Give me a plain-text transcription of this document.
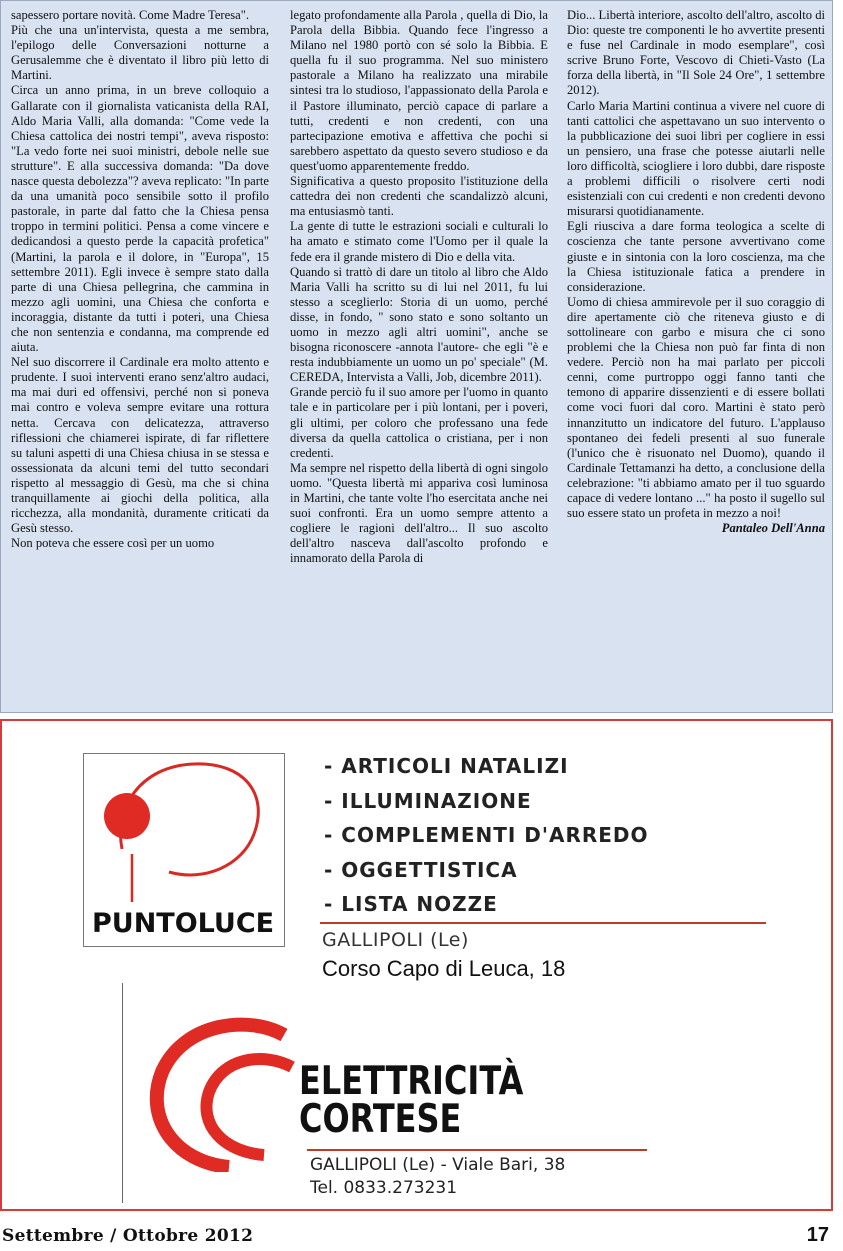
sapessero portare novità. Come Madre Teresa".

Più che una un'intervista, questa a me sembra, l'epilogo delle Conversazioni notturne a Gerusalemme che è diventato il libro più letto di Martini.

Circa un anno prima, in un breve colloquio a Gallarate con il giornalista vaticanista della RAI, Aldo Maria Valli, alla domanda: "Come vede la Chiesa cattolica dei nostri tempi", aveva risposto: "La vedo forte nei suoi ministri, debole nelle sue strutture". E alla successiva domanda: "Da dove nasce questa debolezza"? aveva replicato: "In parte da una umanità poco sensibile sotto il profilo pastorale, in parte dal fatto che la Chiesa pensa troppo in termini politici. Pensa a come vincere e dedicandosi a questo perde la capacità profetica" (Martini, la parola e il dolore, in "Europa", 15 settembre 2011). Egli invece è sempre stato dalla parte di una Chiesa pellegrina, che cammina in mezzo agli uomini, una Chiesa che conforta e incoraggia, distante da tutti i poteri, una Chiesa che non sentenzia e condanna, ma comprende ed aiuta.

Nel suo discorrere il Cardinale era molto attento e prudente. I suoi interventi erano senz'altro audaci, ma mai duri ed offensivi, perché non si poneva mai contro e voleva sempre evitare una rottura netta. Cercava con delicatezza, attraverso riflessioni che chiamerei ispirate, di far riflettere su taluni aspetti di una Chiesa chiusa in se stessa e ossessionata da alcuni temi del tutto secondari rispetto al messaggio di Gesù, ma che si china tranquillamente ai giochi della politica, alla ricchezza, alla mondanità, duramente criticati da Gesù stesso.

Non poteva che essere così per un uomo

legato profondamente alla Parola , quella di Dio, la Parola della Bibbia. Quando fece l'ingresso a Milano nel 1980 portò con sé solo la Bibbia. E quella fu il suo programma. Nel suo ministero pastorale a Milano ha realizzato una mirabile sintesi tra lo studioso, l'appassionato della Parola e il Pastore illuminato, perciò capace di parlare a tutti, credenti e non credenti, con una partecipazione emotiva e affettiva che pochi si sarebbero aspettato da questo severo studioso e da quest'uomo apparentemente freddo.

Significativa a questo proposito l'istituzione della cattedra dei non credenti che scandalizzò alcuni, ma entusiasmò tanti.

La gente di tutte le estrazioni sociali e culturali lo ha amato e stimato come l'Uomo per il quale la fede era il grande mistero di Dio e della vita.

Quando si trattò di dare un titolo al libro che Aldo Maria Valli ha scritto su di lui nel 2011, fu lui stesso a sceglierlo: Storia di un uomo, perché disse, in fondo, " sono stato e sono soltanto un uomo in mezzo agli altri uomini", anche se bisogna riconoscere -annota l'autore- che egli "è e resta indubbiamente un uomo un po' speciale" (M. CEREDA, Intervista a Valli, Job, dicembre 2011).

Grande perciò fu il suo amore per l'uomo in quanto tale e in particolare per i più lontani, per i poveri, gli ultimi, per coloro che professano una fede diversa da quella cattolica o cristiana, per i non credenti.

Ma sempre nel rispetto della libertà di ogni singolo uomo. "Questa libertà mi appariva così luminosa in Martini, che tante volte l'ho esercitata anche nei suoi confronti. Era un uomo sempre attento a cogliere le ragioni dell'altro... Il suo ascolto dell'altro nasceva dall'ascolto profondo e innamorato della Parola di

Dio... Libertà interiore, ascolto dell'altro, ascolto di Dio: queste tre componenti le ho avvertite presenti e fuse nel Cardinale in modo esemplare", così scrive Bruno Forte, Vescovo di Chieti-Vasto (La forza della libertà, in "Il Sole 24 Ore", 1 settembre 2012).

Carlo Maria Martini continua a vivere nel cuore di tanti cattolici che aspettavano un suo intervento o la pubblicazione dei suoi libri per cogliere in essi un pensiero, una frase che potesse aiutarli nelle loro difficoltà, sciogliere i loro dubbi, dare risposte a problemi difficili o risolvere certi nodi esistenziali con cui credenti e non credenti devono misurarsi quotidianamente.

Egli riusciva a dare forma teologica a scelte di coscienza che tante persone avvertivano come giuste e in sintonia con la loro coscienza, ma che la Chiesa istituzionale fatica a prendere in considerazione.

Uomo di chiesa ammirevole per il suo coraggio di dire apertamente ciò che riteneva giusto e di sottolineare con garbo e misura che ci sono problemi che la Chiesa non può far finta di non vedere. Perciò non ha mai parlato per piccoli cenni, come purtroppo oggi fanno tanti che temono di apparire dissenzienti e di essere bollati come voci fuori dal coro. Martini è stato però innanzitutto un indicatore del futuro. L'applauso spontaneo dei fedeli presenti al suo funerale (l'unico che è risuonato nel Duomo), quando il Cardinale Tettamanzi ha detto, a conclusione della celebrazione: "ti abbiamo amato per il tuo sguardo capace di vedere lontano ..." ha posto il sugello sul suo essere stato un profeta in mezzo a noi!

Pantaleo Dell'Anna

PUNTOLUCE
- ARTICOLI NATALIZI
- ILLUMINAZIONE
- COMPLEMENTI D'ARREDO
- OGGETTISTICA
- LISTA NOZZE
GALLIPOLI (Le)
Corso Capo di Leuca, 18
ELETTRICITÀ
CORTESE
GALLIPOLI (Le) - Viale Bari, 38
Tel. 0833.273231
Settembre / Ottobre 2012	17
